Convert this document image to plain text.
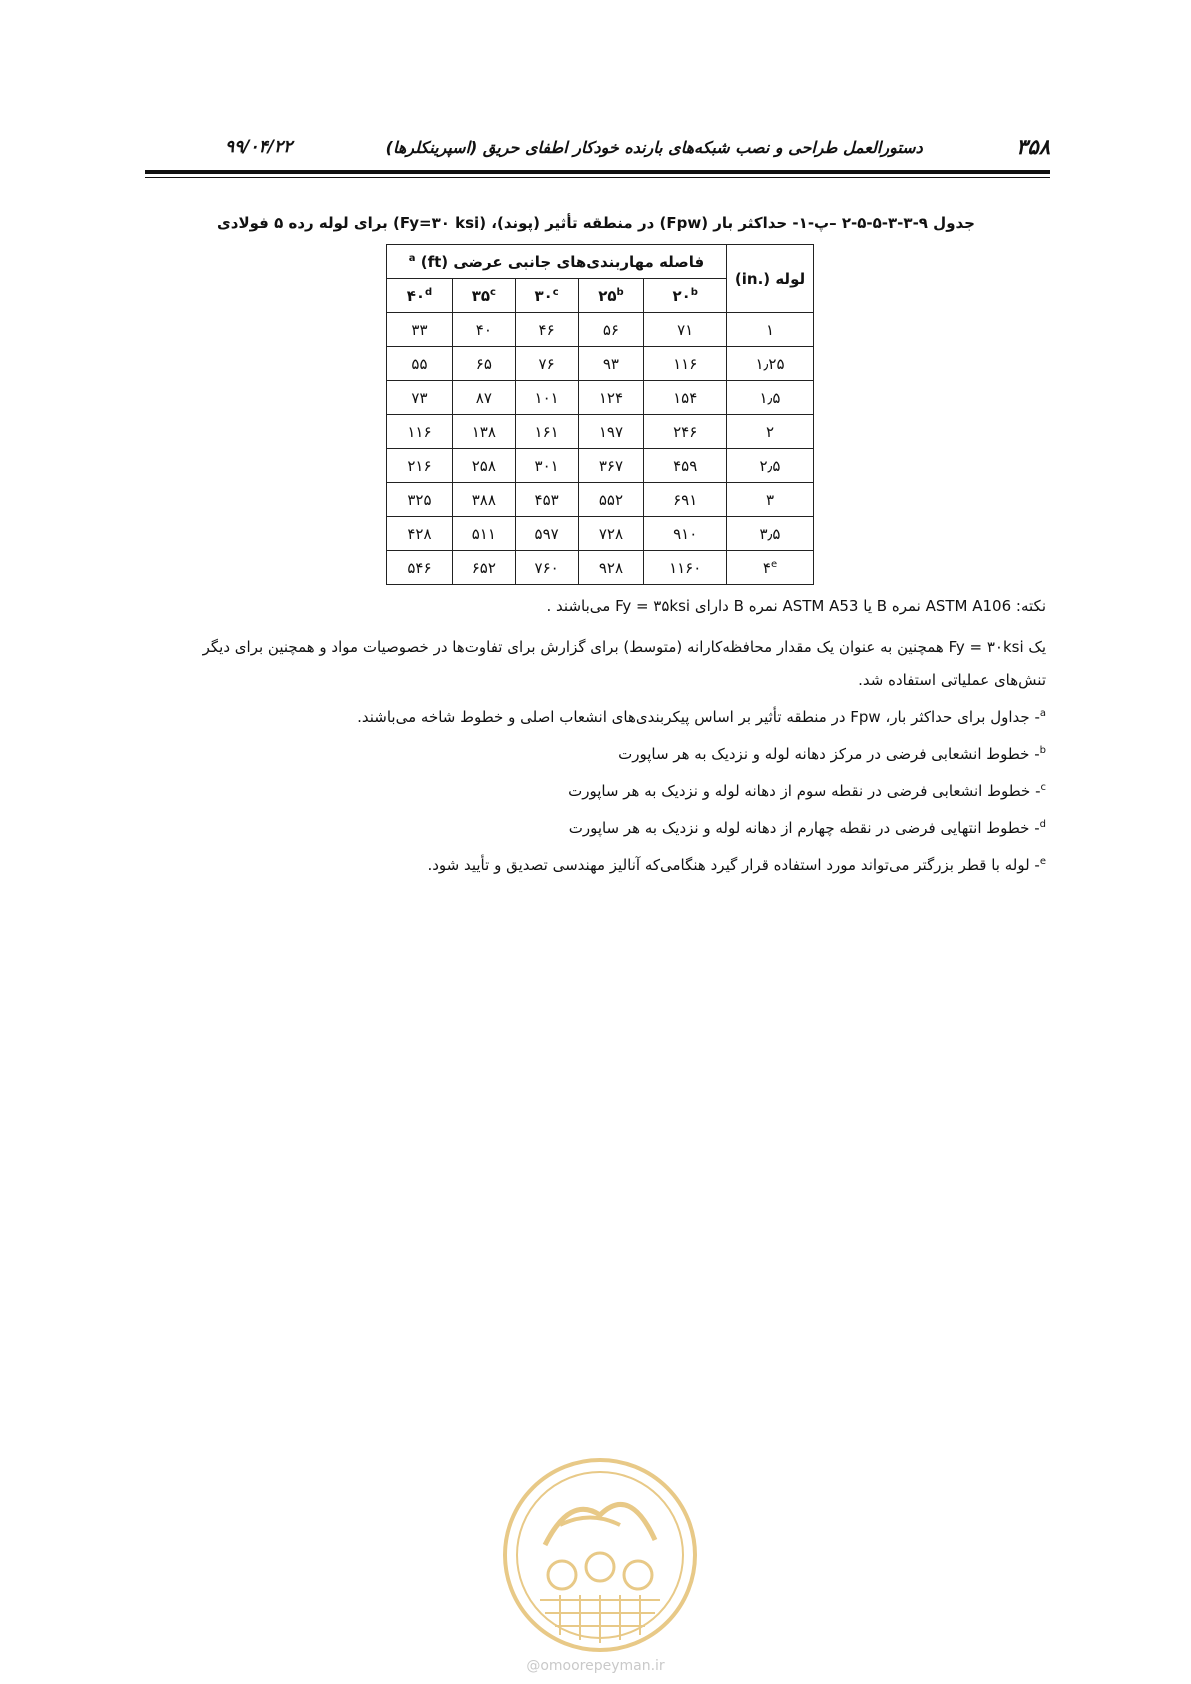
۳۵۸
دستورالعمل طراحی و نصب شبکه‌های بارنده خودکار اطفای حریق (اسپرینکلرها)
۹۹/۰۴/۲۲
جدول ۹-۳-۳-۵-۵-۲ –پ-۱- حداکثر بار (Fpw) در منطقه تأثیر (پوند)، (Fy=۳۰ ksi) برای لوله رده ۵ فولادی
لوله (.in)	فاصله مهاربندی‌های جانبی عرضی (ft) $^a$
	۲۰$^b$	۲۵$^b$	۳۰$^c$	۳۵$^c$	۴۰$^d$
۱	۷۱	۵۶	۴۶	۴۰	۳۳
۱٫۲۵	۱۱۶	۹۳	۷۶	۶۵	۵۵
۱٫۵	۱۵۴	۱۲۴	۱۰۱	۸۷	۷۳
۲	۲۴۶	۱۹۷	۱۶۱	۱۳۸	۱۱۶
۲٫۵	۴۵۹	۳۶۷	۳۰۱	۲۵۸	۲۱۶
۳	۶۹۱	۵۵۲	۴۵۳	۳۸۸	۳۲۵
۳٫۵	۹۱۰	۷۲۸	۵۹۷	۵۱۱	۴۲۸
۴e	۱۱۶۰	۹۲۸	۷۶۰	۶۵۲	۵۴۶

نکته: ASTM A106 نمره B یا ASTM A53 نمره B دارای Fy = ۳۵ksi می‌باشند .

یک Fy = ۳۰ksi همچنین به عنوان یک مقدار محافظه‌کارانه (متوسط) برای گزارش برای تفاوت‌ها در خصوصیات مواد و همچنین برای دیگر تنش‌های عملیاتی استفاده شد.

$^a$- جداول برای حداکثر بار، Fpw در منطقه تأثیر بر اساس پیکربندی‌های انشعاب اصلی و خطوط شاخه می‌باشند.

$^b$- خطوط انشعابی فرضی در مرکز دهانه لوله و نزدیک به هر ساپورت

$^c$- خطوط انشعابی فرضی در نقطه سوم از دهانه لوله و نزدیک به هر ساپورت

$^d$- خطوط انتهایی فرضی در نقطه چهارم از دهانه لوله و نزدیک به هر ساپورت

$^e$- لوله با قطر بزرگتر می‌تواند مورد استفاده قرار گیرد هنگامی‌که آنالیز مهندسی تصدیق و تأیید شود.

@omoorepeyman.ir
